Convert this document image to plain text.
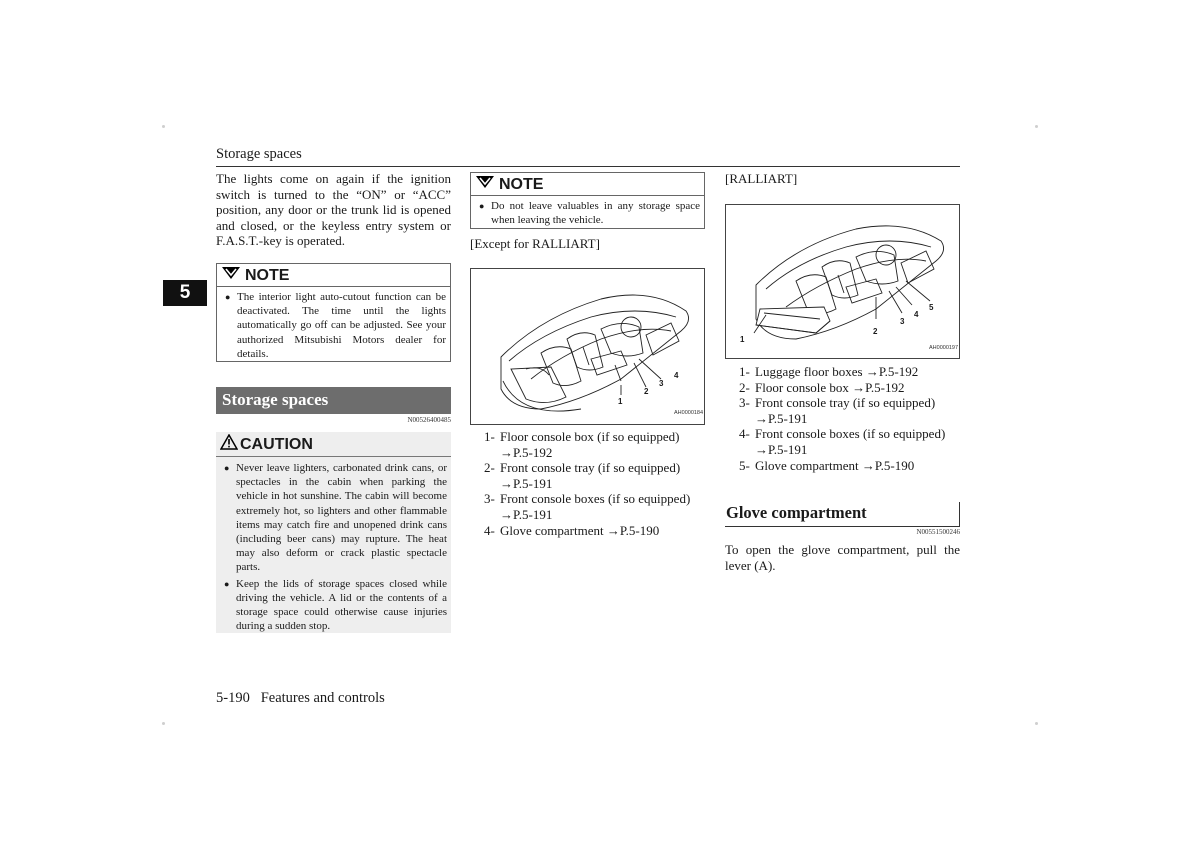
Storage spaces
5
The lights come on again if the ignition switch is turned to the “ON” or “ACC” position, any door or the trunk lid is opened and closed, or the keyless entry system or F.A.S.T.-key is operated.
NOTE
● The interior light auto-cutout function can be deactivated. The time until the lights automatically go off can be adjusted. See your authorized Mitsubishi Motors dealer for details.
Storage spaces
N00526400485
CAUTION
● Never leave lighters, carbonated drink cans, or spectacles in the cabin when parking the vehicle in hot sunshine. The cabin will become extremely hot, so lighters and other flammable items may catch fire and unopened drink cans (including beer cans) may rupture. The heat may also deform or crack plastic spectacle parts.
● Keep the lids of storage spaces closed while driving the vehicle. A lid or the contents of a storage space could otherwise cause injuries during a sudden stop.
NOTE
● Do not leave valuables in any storage space when leaving the vehicle.
[Except for RALLIART]
1
2
3
4
AH0000184
1- Floor console box (if so equipped)
→P.5-192
2- Front console tray (if so equipped)
→P.5-191
3- Front console boxes (if so equipped)
→P.5-191
4- Glove compartment →P.5-190
[RALLIART]
1
2
3
4
5
AH0000197
1- Luggage floor boxes →P.5-192
2- Floor console box →P.5-192
3- Front console tray (if so equipped)
→P.5-191
4- Front console boxes (if so equipped)
→P.5-191
5- Glove compartment →P.5-190
Glove compartment
N00551500246
To open the glove compartment, pull the lever (A).
5-190 Features and controls
